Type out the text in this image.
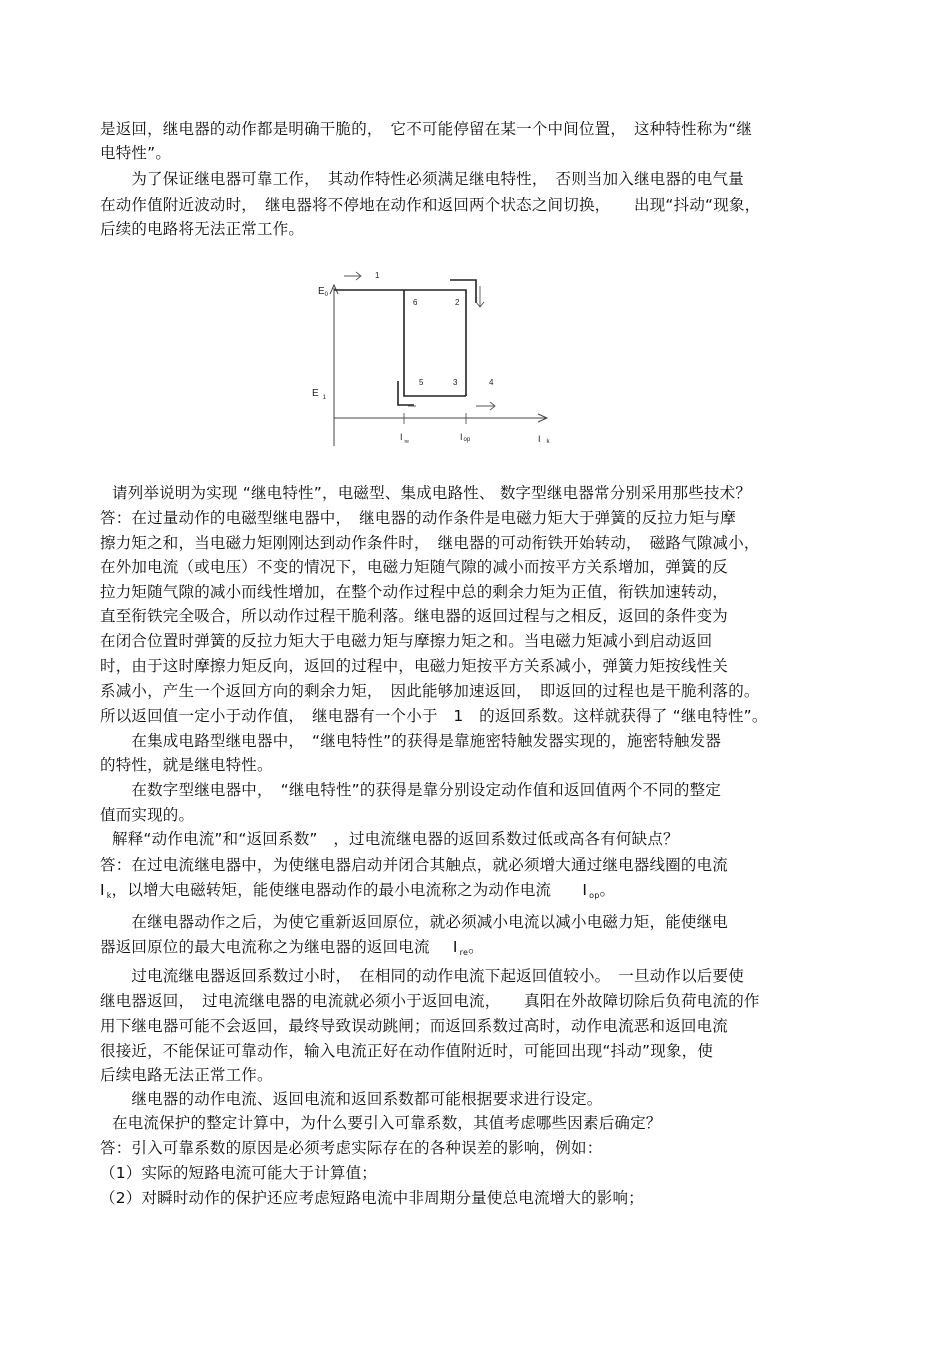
是返回，继电器的动作都是明确干脆的，　它不可能停留在某一个中间位置，　这种特性称为“继
电特性”。
　　为了保证继电器可靠工作，　其动作特性必须满足继电特性，　否则当加入继电器的电气量
在动作值附近波动时，　继电器将不停地在动作和返回两个状态之间切换，　　出现“抖动“现象，
后续的电路将无法正常工作。
$E_0$
E $_1$
1
6	2
5	3	4
I $_{re}$	Iop	I k
请列举说明为实现 “继电特性”，电磁型、集成电路性、 数字型继电器常分别采用那些技术？
答：在过量动作的电磁型继电器中，　继电器的动作条件是电磁力矩大于弹簧的反拉力矩与摩
擦力矩之和，当电磁力矩刚刚达到动作条件时，　继电器的可动衔铁开始转动，　磁路气隙减小，
在外加电流（或电压）不变的情况下，电磁力矩随气隙的减小而按平方关系增加，弹簧的反
拉力矩随气隙的减小而线性增加，在整个动作过程中总的剩余力矩为正值，衔铁加速转动，
直至衔铁完全吸合，所以动作过程干脆利落。继电器的返回过程与之相反，返回的条件变为
在闭合位置时弹簧的反拉力矩大于电磁力矩与摩擦力矩之和。当电磁力矩减小到启动返回
时，由于这时摩擦力矩反向，返回的过程中，电磁力矩按平方关系减小，弹簧力矩按线性关
系减小，产生一个返回方向的剩余力矩，　因此能够加速返回，　即返回的过程也是干脆利落的。
所以返回值一定小于动作值，　继电器有一个小于　1　的返回系数。这样就获得了 “继电特性”。
　　在集成电路型继电器中，　“继电特性”的获得是靠施密特触发器实现的，施密特触发器
的特性，就是继电特性。
　　在数字型继电器中，　“继电特性”的获得是靠分别设定动作值和返回值两个不同的整定
值而实现的。
解释“动作电流”和“返回系数”　，过电流继电器的返回系数过低或高各有何缺点？
答：在过电流继电器中，为使继电器启动并闭合其触点，就必须增大通过继电器线圈的电流
I $_k$，以增大电磁转矩，能使继电器动作的最小电流称之为动作电流 I $_{op}$。
　　在继电器动作之后，为使它重新返回原位，就必须减小电流以减小电磁力矩，能使继电
器返回原位的最大电流称之为继电器的返回电流 I $_{re}$。
　　过电流继电器返回系数过小时，　在相同的动作电流下起返回值较小。　一旦动作以后要使
继电器返回，　过电流继电器的电流就必须小于返回电流，　　真阳在外故障切除后负荷电流的作
用下继电器可能不会返回，最终导致误动跳闸；而返回系数过高时，动作电流恶和返回电流
很接近，不能保证可靠动作，输入电流正好在动作值附近时，可能回出现“抖动”现象，使
后续电路无法正常工作。
　　继电器的动作电流、返回电流和返回系数都可能根据要求进行设定。
在电流保护的整定计算中，为什么要引入可靠系数，其值考虑哪些因素后确定？
答：引入可靠系数的原因是必须考虑实际存在的各种误差的影响，例如：
（1）实际的短路电流可能大于计算值；
（2）对瞬时动作的保护还应考虑短路电流中非周期分量使总电流增大的影响；
